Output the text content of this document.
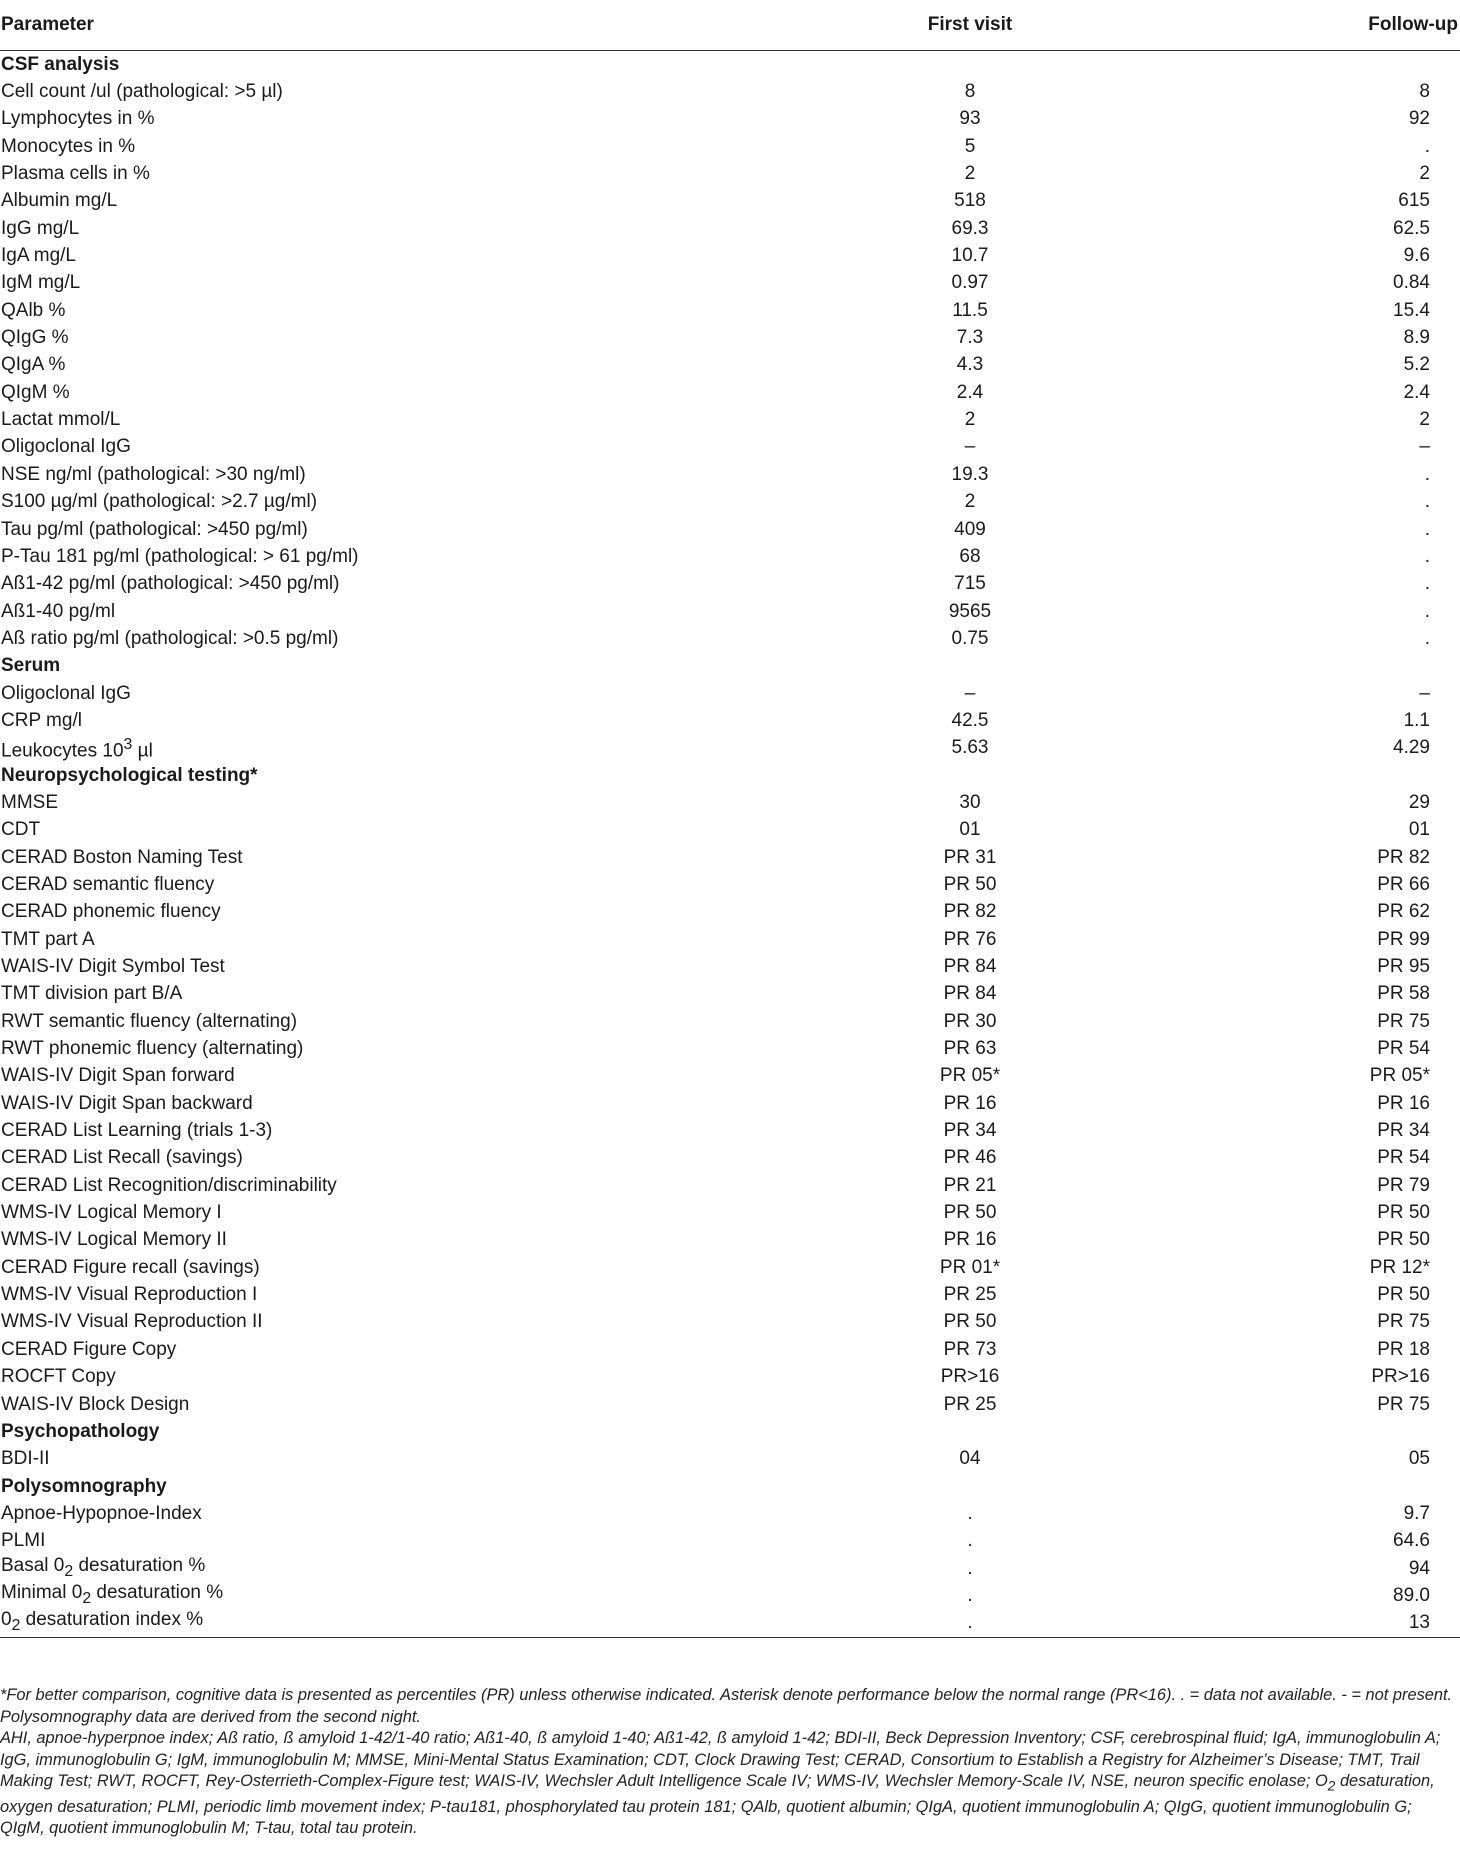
Parameter	First visit	Follow-up
CSF analysis		
Cell count /ul (pathological: >5 µl)	8	8
Lymphocytes in %	93	92
Monocytes in %	5	.
Plasma cells in %	2	2
Albumin mg/L	518	615
IgG mg/L	69.3	62.5
IgA mg/L	10.7	9.6
IgM mg/L	0.97	0.84
QAlb %	11.5	15.4
QIgG %	7.3	8.9
QIgA %	4.3	5.2
QIgM %	2.4	2.4
Lactat mmol/L	2	2
Oligoclonal IgG	–	–
NSE ng/ml (pathological: >30 ng/ml)	19.3	.
S100 µg/ml (pathological: >2.7 µg/ml)	2	.
Tau pg/ml (pathological: >450 pg/ml)	409	.
P-Tau 181 pg/ml (pathological: > 61 pg/ml)	68	.
Aß1-42 pg/ml (pathological: >450 pg/ml)	715	.
Aß1-40 pg/ml	9565	.
Aß ratio pg/ml (pathological: >0.5 pg/ml)	0.75	.
Serum		
Oligoclonal IgG	–	–
CRP mg/l	42.5	1.1
Leukocytes $10^3$ µl	5.63	4.29
Neuropsychological testing*		
MMSE	30	29
CDT	01	01
CERAD Boston Naming Test	PR 31	PR 82
CERAD semantic fluency	PR 50	PR 66
CERAD phonemic fluency	PR 82	PR 62
TMT part A	PR 76	PR 99
WAIS-IV Digit Symbol Test	PR 84	PR 95
TMT division part B/A	PR 84	PR 58
RWT semantic fluency (alternating)	PR 30	PR 75
RWT phonemic fluency (alternating)	PR 63	PR 54
WAIS-IV Digit Span forward	PR 05*	PR 05*
WAIS-IV Digit Span backward	PR 16	PR 16
CERAD List Learning (trials 1-3)	PR 34	PR 34
CERAD List Recall (savings)	PR 46	PR 54
CERAD List Recognition/discriminability	PR 21	PR 79
WMS-IV Logical Memory I	PR 50	PR 50
WMS-IV Logical Memory II	PR 16	PR 50
CERAD Figure recall (savings)	PR 01*	PR 12*
WMS-IV Visual Reproduction I	PR 25	PR 50
WMS-IV Visual Reproduction II	PR 50	PR 75
CERAD Figure Copy	PR 73	PR 18
ROCFT Copy	PR>16	PR>16
WAIS-IV Block Design	PR 25	PR 75
Psychopathology		
BDI-II	04	05
Polysomnography		
Apnoe-Hypopnoe-Index	.	9.7
PLMI	.	64.6
Basal $0_2$ desaturation %	.	94
Minimal $0_2$ desaturation %	.	89.0
$0_2$ desaturation index %	.	13

*For better comparison, cognitive data is presented as percentiles (PR) unless otherwise indicated. Asterisk denote performance below the normal range (PR<16). . = data not available. - = not present. Polysomnography data are derived from the second night.

AHI, apnoe-hyperpnoe index; Aß ratio, ß amyloid 1-42/1-40 ratio; Aß1-40, ß amyloid 1-40; Aß1-42, ß amyloid 1-42; BDI-II, Beck Depression Inventory; CSF, cerebrospinal fluid; IgA, immunoglobulin A; IgG, immunoglobulin G; IgM, immunoglobulin M; MMSE, Mini-Mental Status Examination; CDT, Clock Drawing Test; CERAD, Consortium to Establish a Registry for Alzheimer’s Disease; TMT, Trail Making Test; RWT, ROCFT, Rey-Osterrieth-Complex-Figure test; WAIS-IV, Wechsler Adult Intelligence Scale IV; WMS-IV, Wechsler Memory-Scale IV, NSE, neuron specific enolase; $O_2$ desaturation, oxygen desaturation; PLMI, periodic limb movement index; P-tau181, phosphorylated tau protein 181; QAlb, quotient albumin; QIgA, quotient immunoglobulin A; QIgG, quotient immunoglobulin G; QIgM, quotient immunoglobulin M; T-tau, total tau protein.
